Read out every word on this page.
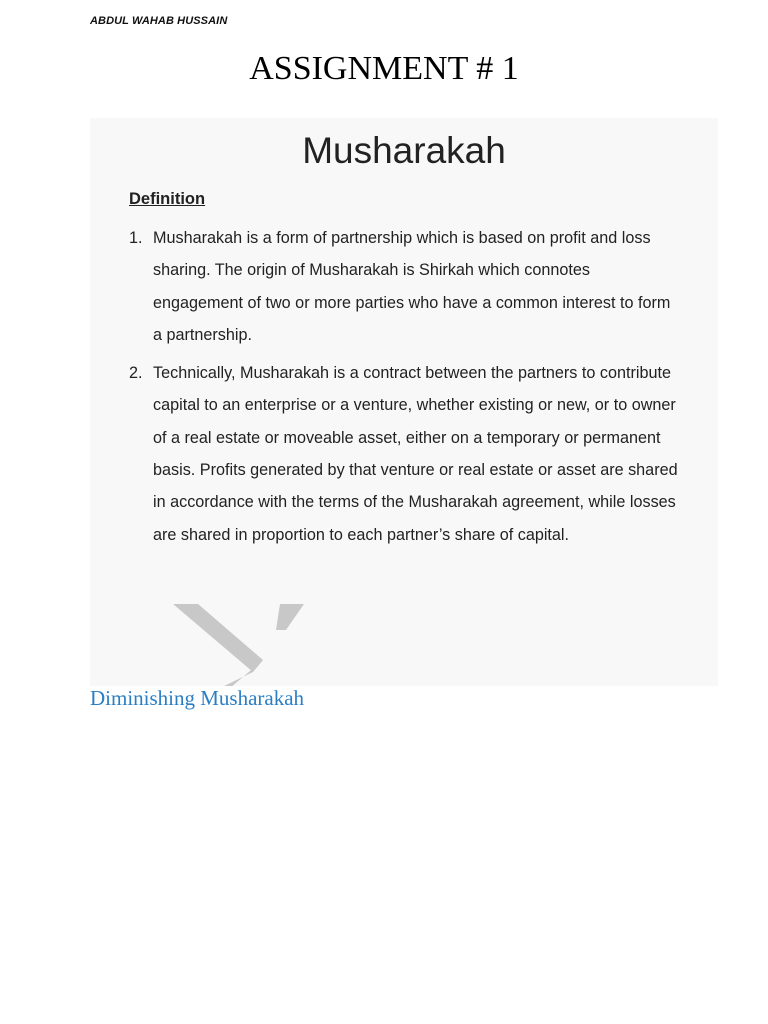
ABDUL WAHAB HUSSAIN
ASSIGNMENT # 1
Musharakah
Definition
1. Musharakah is a form of partnership which is based on profit and loss sharing. The origin of Musharakah is Shirkah which connotes engagement of two or more parties who have a common interest to form a partnership.
2. Technically, Musharakah is a contract between the partners to contribute capital to an enterprise or a venture, whether existing or new, or to owner of a real estate or moveable asset, either on a temporary or permanent basis. Profits generated by that venture or real estate or asset are shared in accordance with the terms of the Musharakah agreement, while losses are shared in proportion to each partner’s share of capital.
Diminishing Musharakah
